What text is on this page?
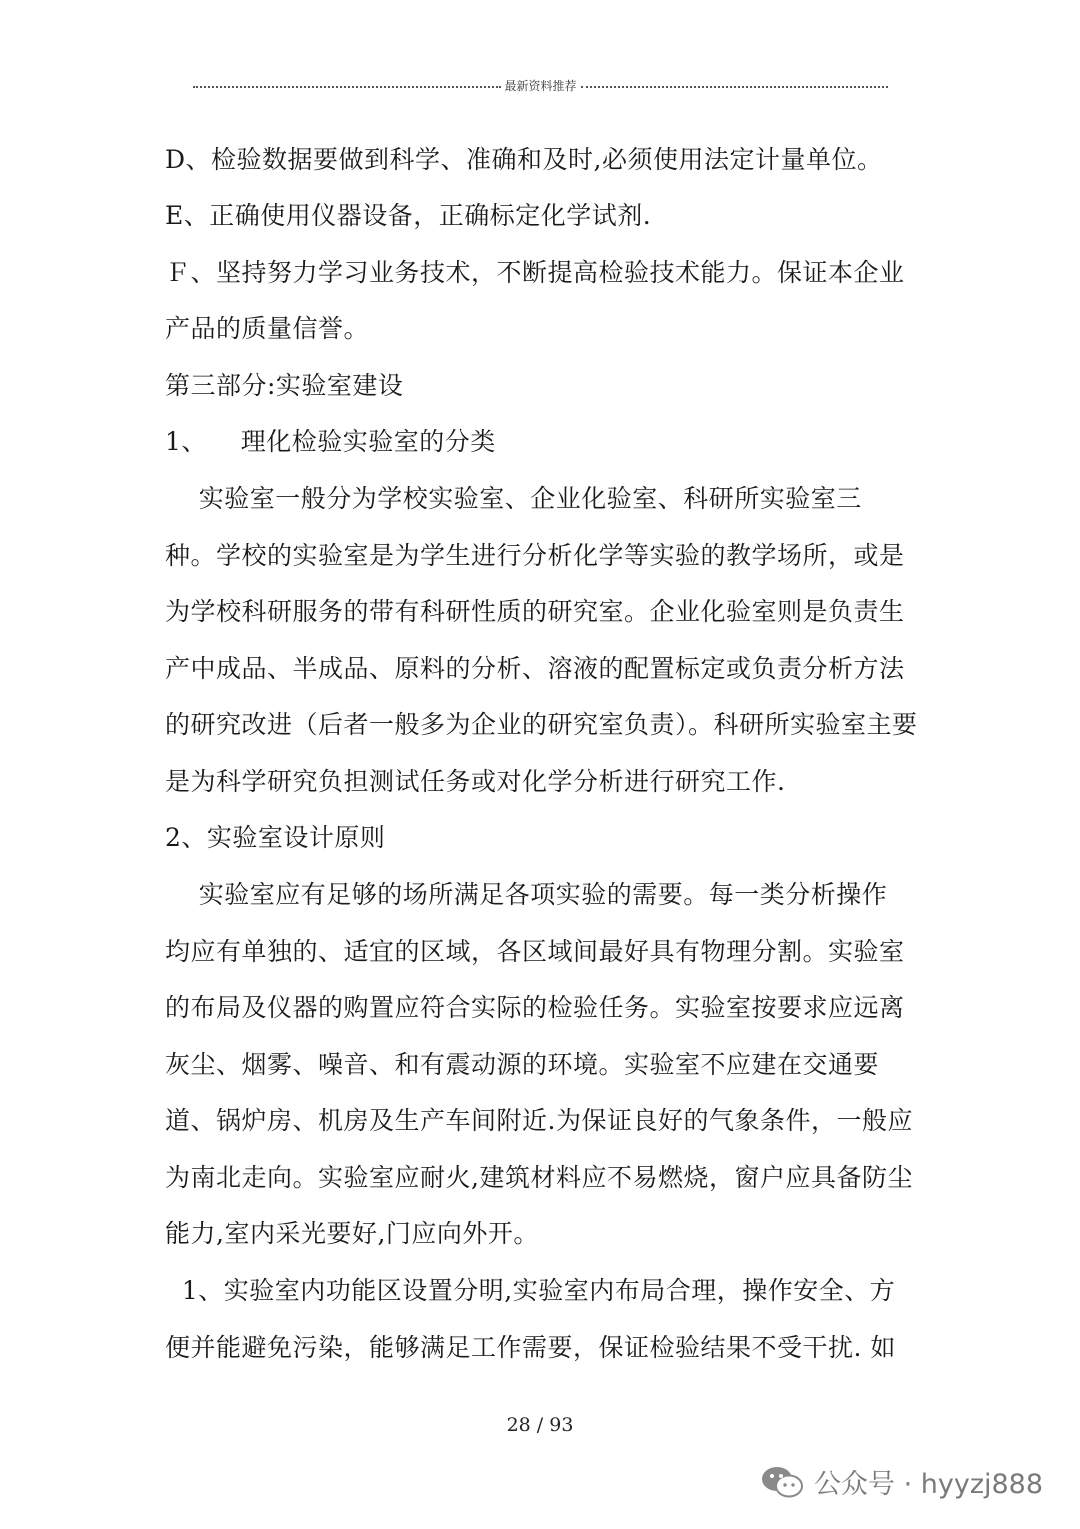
最新资料推荐
D、检验数据要做到科学、准确和及时,必须使用法定计量单位。
E、正确使用仪器设备，正确标定化学试剂.
Ｆ、坚持努力学习业务技术，不断提高检验技术能力。保证本企业
产品的质量信誉。
第三部分:实验室建设
1、    理化检验实验室的分类
实验室一般分为学校实验室、企业化验室、科研所实验室三
种。学校的实验室是为学生进行分析化学等实验的教学场所，或是
为学校科研服务的带有科研性质的研究室。企业化验室则是负责生
产中成品、半成品、原料的分析、溶液的配置标定或负责分析方法
的研究改进（后者一般多为企业的研究室负责）。科研所实验室主要
是为科学研究负担测试任务或对化学分析进行研究工作.
2、实验室设计原则
实验室应有足够的场所满足各项实验的需要。每一类分析操作
均应有单独的、适宜的区域，各区域间最好具有物理分割。实验室
的布局及仪器的购置应符合实际的检验任务。实验室按要求应远离
灰尘、烟雾、噪音、和有震动源的环境。实验室不应建在交通要
道、锅炉房、机房及生产车间附近.为保证良好的气象条件，一般应
为南北走向。实验室应耐火,建筑材料应不易燃烧，窗户应具备防尘
能力,室内采光要好,门应向外开。
1、实验室内功能区设置分明,实验室内布局合理，操作安全、方
便并能避免污染，能够满足工作需要，保证检验结果不受干扰. 如
28 / 93
公众号 · hyyzj888
